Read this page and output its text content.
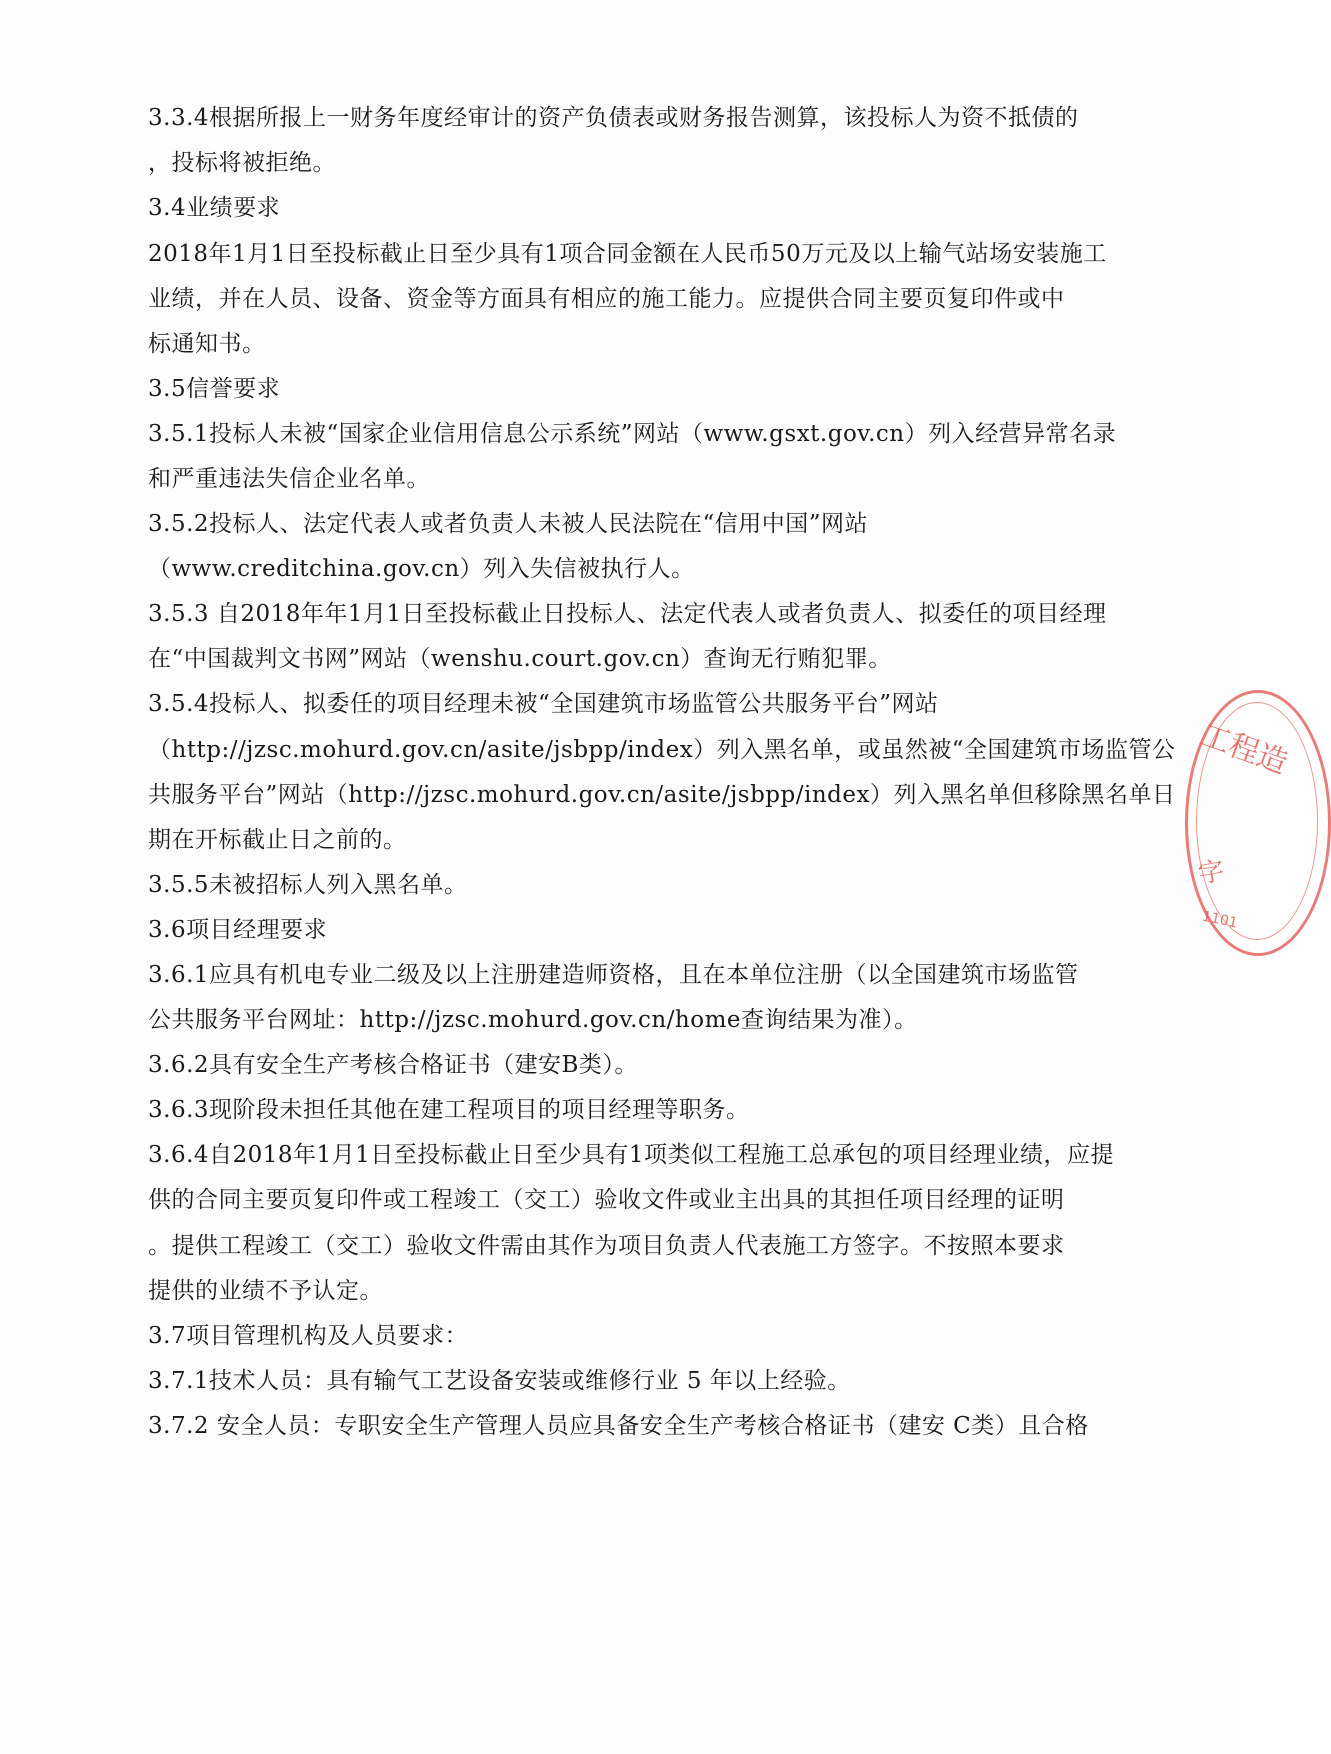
3.3.4根据所报上一财务年度经审计的资产负债表或财务报告测算，该投标人为资不抵债的
，投标将被拒绝。
3.4业绩要求
2018年1月1日至投标截止日至少具有1项合同金额在人民币50万元及以上输气站场安装施工
业绩，并在人员、设备、资金等方面具有相应的施工能力。应提供合同主要页复印件或中
标通知书。
3.5信誉要求
3.5.1投标人未被“国家企业信用信息公示系统”网站（www.gsxt.gov.cn）列入经营异常名录
和严重违法失信企业名单。
3.5.2投标人、法定代表人或者负责人未被人民法院在“信用中国”网站
（www.creditchina.gov.cn）列入失信被执行人。
3.5.3 自2018年年1月1日至投标截止日投标人、法定代表人或者负责人、拟委任的项目经理
在“中国裁判文书网”网站（wenshu.court.gov.cn）查询无行贿犯罪。
3.5.4投标人、拟委任的项目经理未被“全国建筑市场监管公共服务平台”网站
（http://jzsc.mohurd.gov.cn/asite/jsbpp/index）列入黑名单，或虽然被“全国建筑市场监管公
共服务平台”网站（http://jzsc.mohurd.gov.cn/asite/jsbpp/index）列入黑名单但移除黑名单日
期在开标截止日之前的。
3.5.5未被招标人列入黑名单。
3.6项目经理要求
3.6.1应具有机电专业二级及以上注册建造师资格，且在本单位注册（以全国建筑市场监管
公共服务平台网址：http://jzsc.mohurd.gov.cn/home查询结果为准）。
3.6.2具有安全生产考核合格证书（建安B类）。
3.6.3现阶段未担任其他在建工程项目的项目经理等职务。
3.6.4自2018年1月1日至投标截止日至少具有1项类似工程施工总承包的项目经理业绩，应提
供的合同主要页复印件或工程竣工（交工）验收文件或业主出具的其担任项目经理的证明
。提供工程竣工（交工）验收文件需由其作为项目负责人代表施工方签字。不按照本要求
提供的业绩不予认定。
3.7项目管理机构及人员要求：
3.7.1技术人员：具有输气工艺设备安装或维修行业 5 年以上经验。
3.7.2 安全人员：专职安全生产管理人员应具备安全生产考核合格证书（建安 C类）且合格
工程造
字
1101
